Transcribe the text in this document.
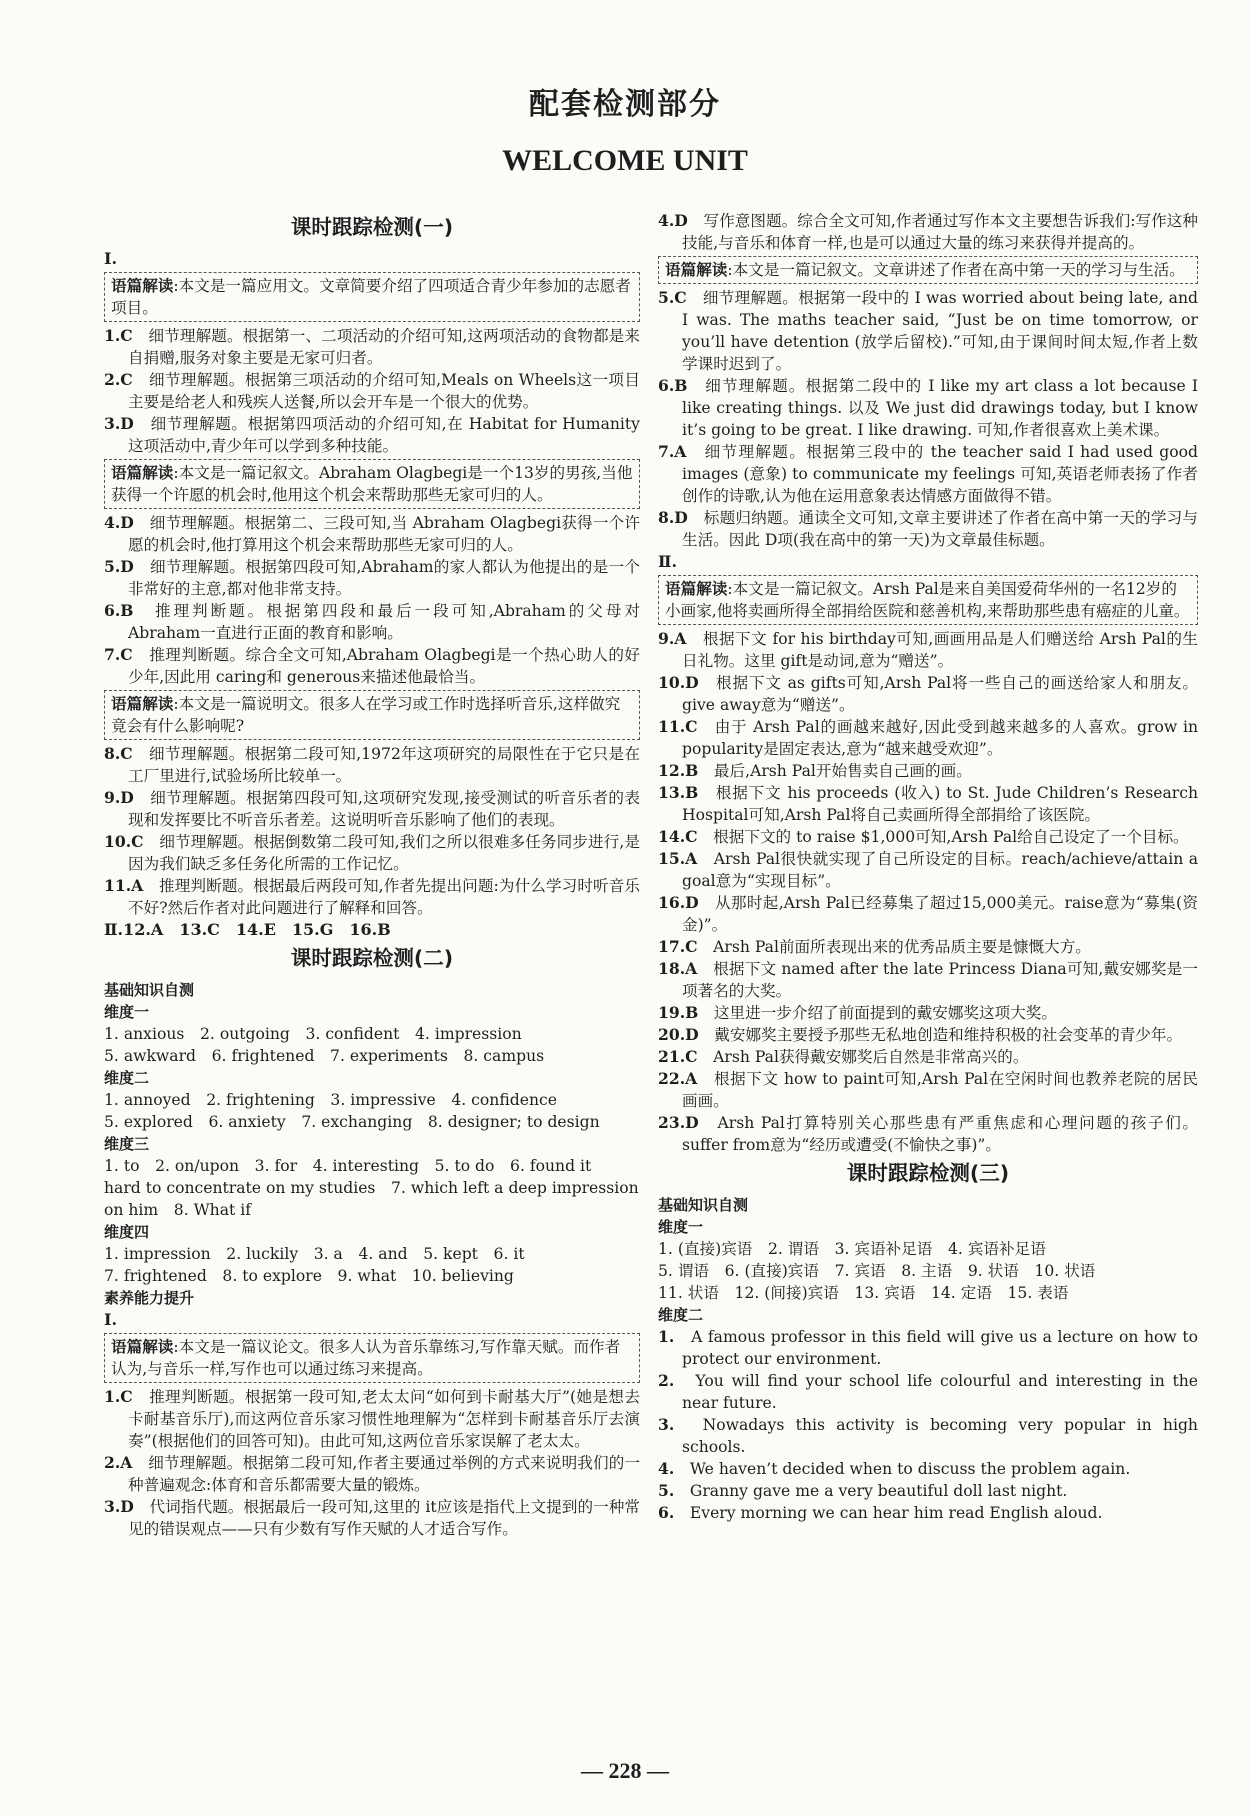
配套检测部分
WELCOME UNIT
课时跟踪检测(一)
Ⅰ.
语篇解读:本文是一篇应用文。文章简要介绍了四项适合青少年参加的志愿者项目。
1.C　 细节理解题。根据第一、二项活动的介绍可知,这两项活动的食物都是来自捐赠,服务对象主要是无家可归者。
2.C　 细节理解题。根据第三项活动的介绍可知,Meals on Wheels这一项目主要是给老人和残疾人送餐,所以会开车是一个很大的优势。
3.D　 细节理解题。根据第四项活动的介绍可知,在 Habitat for Humanity这项活动中,青少年可以学到多种技能。
语篇解读:本文是一篇记叙文。Abraham Olagbegi是一个13岁的男孩,当他获得一个许愿的机会时,他用这个机会来帮助那些无家可归的人。
4.D　 细节理解题。根据第二、三段可知,当 Abraham Olagbegi获得一个许愿的机会时,他打算用这个机会来帮助那些无家可归的人。
5.D　 细节理解题。根据第四段可知,Abraham的家人都认为他提出的是一个非常好的主意,都对他非常支持。
6.B　 推理判断题。根据第四段和最后一段可知,Abraham的父母对 Abraham一直进行正面的教育和影响。
7.C　 推理判断题。综合全文可知,Abraham Olagbegi是一个热心助人的好少年,因此用 caring和 generous来描述他最恰当。
语篇解读:本文是一篇说明文。很多人在学习或工作时选择听音乐,这样做究竟会有什么影响呢?
8.C　 细节理解题。根据第二段可知,1972年这项研究的局限性在于它只是在工厂里进行,试验场所比较单一。
9.D　 细节理解题。根据第四段可知,这项研究发现,接受测试的听音乐者的表现和发挥要比不听音乐者差。这说明听音乐影响了他们的表现。
10.C　 细节理解题。根据倒数第二段可知,我们之所以很难多任务同步进行,是因为我们缺乏多任务化所需的工作记忆。
11.A　 推理判断题。根据最后两段可知,作者先提出问题:为什么学习时听音乐不好?然后作者对此问题进行了解释和回答。
Ⅱ.12.A　13.C　14.E　15.G　16.B
课时跟踪检测(二)
基础知识自测
维度一
1. anxious　2. outgoing　3. confident　4. impression
5. awkward　6. frightened　7. experiments　8. campus
维度二
1. annoyed　2. frightening　3. impressive　4. confidence
5. explored　6. anxiety　7. exchanging　8. designer; to design
维度三
1. to　2. on/upon　3. for　4. interesting　5. to do　6. found it
hard to concentrate on my studies　7. which left a deep impression
on him　8. What if
维度四
1. impression　2. luckily　3. a　4. and　5. kept　6. it
7. frightened　8. to explore　9. what　10. believing
素养能力提升
Ⅰ.
语篇解读:本文是一篇议论文。很多人认为音乐靠练习,写作靠天赋。而作者认为,与音乐一样,写作也可以通过练习来提高。
1.C　 推理判断题。根据第一段可知,老太太问“如何到卡耐基大厅”(她是想去卡耐基音乐厅),而这两位音乐家习惯性地理解为“怎样到卡耐基音乐厅去演奏”(根据他们的回答可知)。由此可知,这两位音乐家误解了老太太。
2.A　 细节理解题。根据第二段可知,作者主要通过举例的方式来说明我们的一种普遍观念:体育和音乐都需要大量的锻炼。
3.D　 代词指代题。根据最后一段可知,这里的 it应该是指代上文提到的一种常见的错误观点——只有少数有写作天赋的人才适合写作。
4.D　 写作意图题。综合全文可知,作者通过写作本文主要想告诉我们:写作这种技能,与音乐和体育一样,也是可以通过大量的练习来获得并提高的。
语篇解读:本文是一篇记叙文。文章讲述了作者在高中第一天的学习与生活。
5.C　 细节理解题。根据第一段中的 I was worried about being late, and I was. The maths teacher said, “Just be on time tomorrow, or you’ll have detention (放学后留校).”可知,由于课间时间太短,作者上数学课时迟到了。
6.B　 细节理解题。根据第二段中的 I like my art class a lot because I like creating things. 以及 We just did drawings today, but I know it’s going to be great. I like drawing. 可知,作者很喜欢上美术课。
7.A　 细节理解题。根据第三段中的 the teacher said I had used good images (意象) to communicate my feelings 可知,英语老师表扬了作者创作的诗歌,认为他在运用意象表达情感方面做得不错。
8.D　 标题归纳题。通读全文可知,文章主要讲述了作者在高中第一天的学习与生活。因此 D项(我在高中的第一天)为文章最佳标题。
Ⅱ.
语篇解读:本文是一篇记叙文。Arsh Pal是来自美国爱荷华州的一名12岁的小画家,他将卖画所得全部捐给医院和慈善机构,来帮助那些患有癌症的儿童。
9.A　 根据下文 for his birthday可知,画画用品是人们赠送给 Arsh Pal的生日礼物。这里 gift是动词,意为“赠送”。
10.D　 根据下文 as gifts可知,Arsh Pal将一些自己的画送给家人和朋友。give away意为“赠送”。
11.C　 由于 Arsh Pal的画越来越好,因此受到越来越多的人喜欢。grow in popularity是固定表达,意为“越来越受欢迎”。
12.B　 最后,Arsh Pal开始售卖自己画的画。
13.B　 根据下文 his proceeds (收入) to St. Jude Children’s Research Hospital可知,Arsh Pal将自己卖画所得全部捐给了该医院。
14.C　 根据下文的 to raise $1,000可知,Arsh Pal给自己设定了一个目标。
15.A　 Arsh Pal很快就实现了自己所设定的目标。reach/achieve/attain a goal意为“实现目标”。
16.D　 从那时起,Arsh Pal已经募集了超过15,000美元。raise意为“募集(资金)”。
17.C　 Arsh Pal前面所表现出来的优秀品质主要是慷慨大方。
18.A　 根据下文 named after the late Princess Diana可知,戴安娜奖是一项著名的大奖。
19.B　 这里进一步介绍了前面提到的戴安娜奖这项大奖。
20.D　 戴安娜奖主要授予那些无私地创造和维持积极的社会变革的青少年。
21.C　 Arsh Pal获得戴安娜奖后自然是非常高兴的。
22.A　 根据下文 how to paint可知,Arsh Pal在空闲时间也教养老院的居民画画。
23.D　 Arsh Pal打算特别关心那些患有严重焦虑和心理问题的孩子们。suffer from意为“经历或遭受(不愉快之事)”。
课时跟踪检测(三)
基础知识自测
维度一
1. (直接)宾语　2. 谓语　3. 宾语补足语　4. 宾语补足语
5. 谓语　6. (直接)宾语　7. 宾语　8. 主语　9. 状语　10. 状语
11. 状语　12. (间接)宾语　13. 宾语　14. 定语　15. 表语
维度二
1.　 A famous professor in this field will give us a lecture on how to protect our environment.
2.　 You will find your school life colourful and interesting in the near future.
3.　 Nowadays this activity is becoming very popular in high schools.
4.　 We haven’t decided when to discuss the problem again.
5.　 Granny gave me a very beautiful doll last night.
6.　 Every morning we can hear him read English aloud.
— 228 —
